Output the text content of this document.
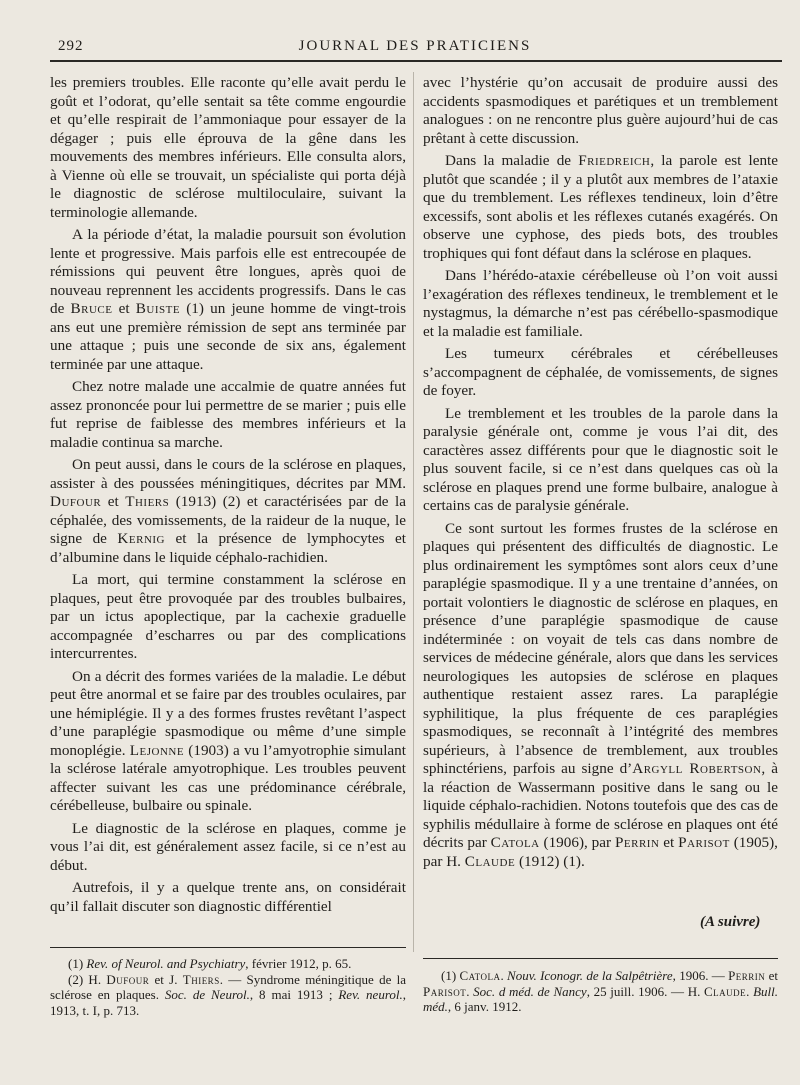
292	JOURNAL DES PRATICIENS

les premiers troubles. Elle raconte qu’elle avait perdu le goût et l’odorat, qu’elle sentait sa tête comme engourdie et qu’elle respirait de l’ammoniaque pour essayer de la dégager ; puis elle éprouva de la gêne dans les mouvements des membres inférieurs. Elle consulta alors, à Vienne où elle se trouvait, un spécialiste qui porta déjà le diagnostic de sclérose multiloculaire, suivant la terminologie allemande.

A la période d’état, la maladie poursuit son évolution lente et progressive. Mais parfois elle est entrecoupée de rémissions qui peuvent être longues, après quoi de nouveau reprennent les accidents progressifs. Dans le cas de Bruce et Buiste (1) un jeune homme de vingt-trois ans eut une première rémission de sept ans terminée par une attaque ; puis une seconde de six ans, également terminée par une attaque.

Chez notre malade une accalmie de quatre années fut assez prononcée pour lui permettre de se marier ; puis elle fut reprise de faiblesse des membres inférieurs et la maladie continua sa marche.

On peut aussi, dans le cours de la sclérose en plaques, assister à des poussées méningitiques, décrites par MM. Dufour et Thiers (1913) (2) et caractérisées par de la céphalée, des vomissements, de la raideur de la nuque, le signe de Kernig et la présence de lymphocytes et d’albumine dans le liquide céphalo-rachidien.

La mort, qui termine constamment la sclérose en plaques, peut être provoquée par des troubles bulbaires, par un ictus apoplectique, par la cachexie graduelle accompagnée d’escharres ou par des complications intercurrentes.

On a décrit des formes variées de la maladie. Le début peut être anormal et se faire par des troubles oculaires, par une hémiplégie. Il y a des formes frustes revêtant l’aspect d’une paraplégie spasmodique ou même d’une simple monoplégie. Lejonne (1903) a vu l’amyotrophie simulant la sclérose latérale amyotrophique. Les troubles peuvent affecter suivant les cas une prédominance cérébrale, cérébelleuse, bulbaire ou spinale.

Le diagnostic de la sclérose en plaques, comme je vous l’ai dit, est généralement assez facile, si ce n’est au début.

Autrefois, il y a quelque trente ans, on considérait qu’il fallait discuter son diagnostic différentiel

avec l’hystérie qu’on accusait de produire aussi des accidents spasmodiques et parétiques et un tremblement analogues : on ne rencontre plus guère aujourd’hui de cas prêtant à cette discussion.

Dans la maladie de Friedreich, la parole est lente plutôt que scandée ; il y a plutôt aux membres de l’ataxie que du tremblement. Les réflexes tendineux, loin d’être excessifs, sont abolis et les réflexes cutanés exagérés. On observe une cyphose, des pieds bots, des troubles trophiques qui font défaut dans la sclérose en plaques.

Dans l’hérédo-ataxie cérébelleuse où l’on voit aussi l’exagération des réflexes tendineux, le tremblement et le nystagmus, la démarche n’est pas cérébello-spasmodique et la maladie est familiale.

Les tumeurx cérébrales et cérébelleuses s’accompagnent de céphalée, de vomissements, de signes de foyer.

Le tremblement et les troubles de la parole dans la paralysie générale ont, comme je vous l’ai dit, des caractères assez différents pour que le diagnostic soit le plus souvent facile, si ce n’est dans quelques cas où la sclérose en plaques prend une forme bulbaire, analogue à certains cas de paralysie générale.

Ce sont surtout les formes frustes de la sclérose en plaques qui présentent des difficultés de diagnostic. Le plus ordinairement les symptômes sont alors ceux d’une paraplégie spasmodique. Il y a une trentaine d’années, on portait volontiers le diagnostic de sclérose en plaques, en présence d’une paraplégie spasmodique de cause indéterminée : on voyait de tels cas dans nombre de services de médecine générale, alors que dans les services neurologiques les autopsies de sclérose en plaques authentique restaient assez rares. La paraplégie syphilitique, la plus fréquente de ces paraplégies spasmodiques, se reconnaît à l’intégrité des membres supérieurs, à l’absence de tremblement, aux troubles sphinctériens, parfois au signe d’Argyll Robertson, à la réaction de Wassermann positive dans le sang ou le liquide céphalo-rachidien. Notons toutefois que des cas de syphilis médullaire à forme de sclérose en plaques ont été décrits par Catola (1906), par Perrin et Parisot (1905), par H. Claude (1912) (1).

(A suivre)

(1) Rev. of Neurol. and Psychiatry, février 1912, p. 65.

(2) H. Dufour et J. Thiers. — Syndrome méningitique de la sclérose en plaques. Soc. de Neurol., 8 mai 1913 ; Rev. neurol., 1913, t. I, p. 713.

(1) Catola. Nouv. Iconogr. de la Salpêtrière, 1906. — Perrin et Parisot. Soc. d méd. de Nancy, 25 juill. 1906. — H. Claude. Bull. méd., 6 janv. 1912.
